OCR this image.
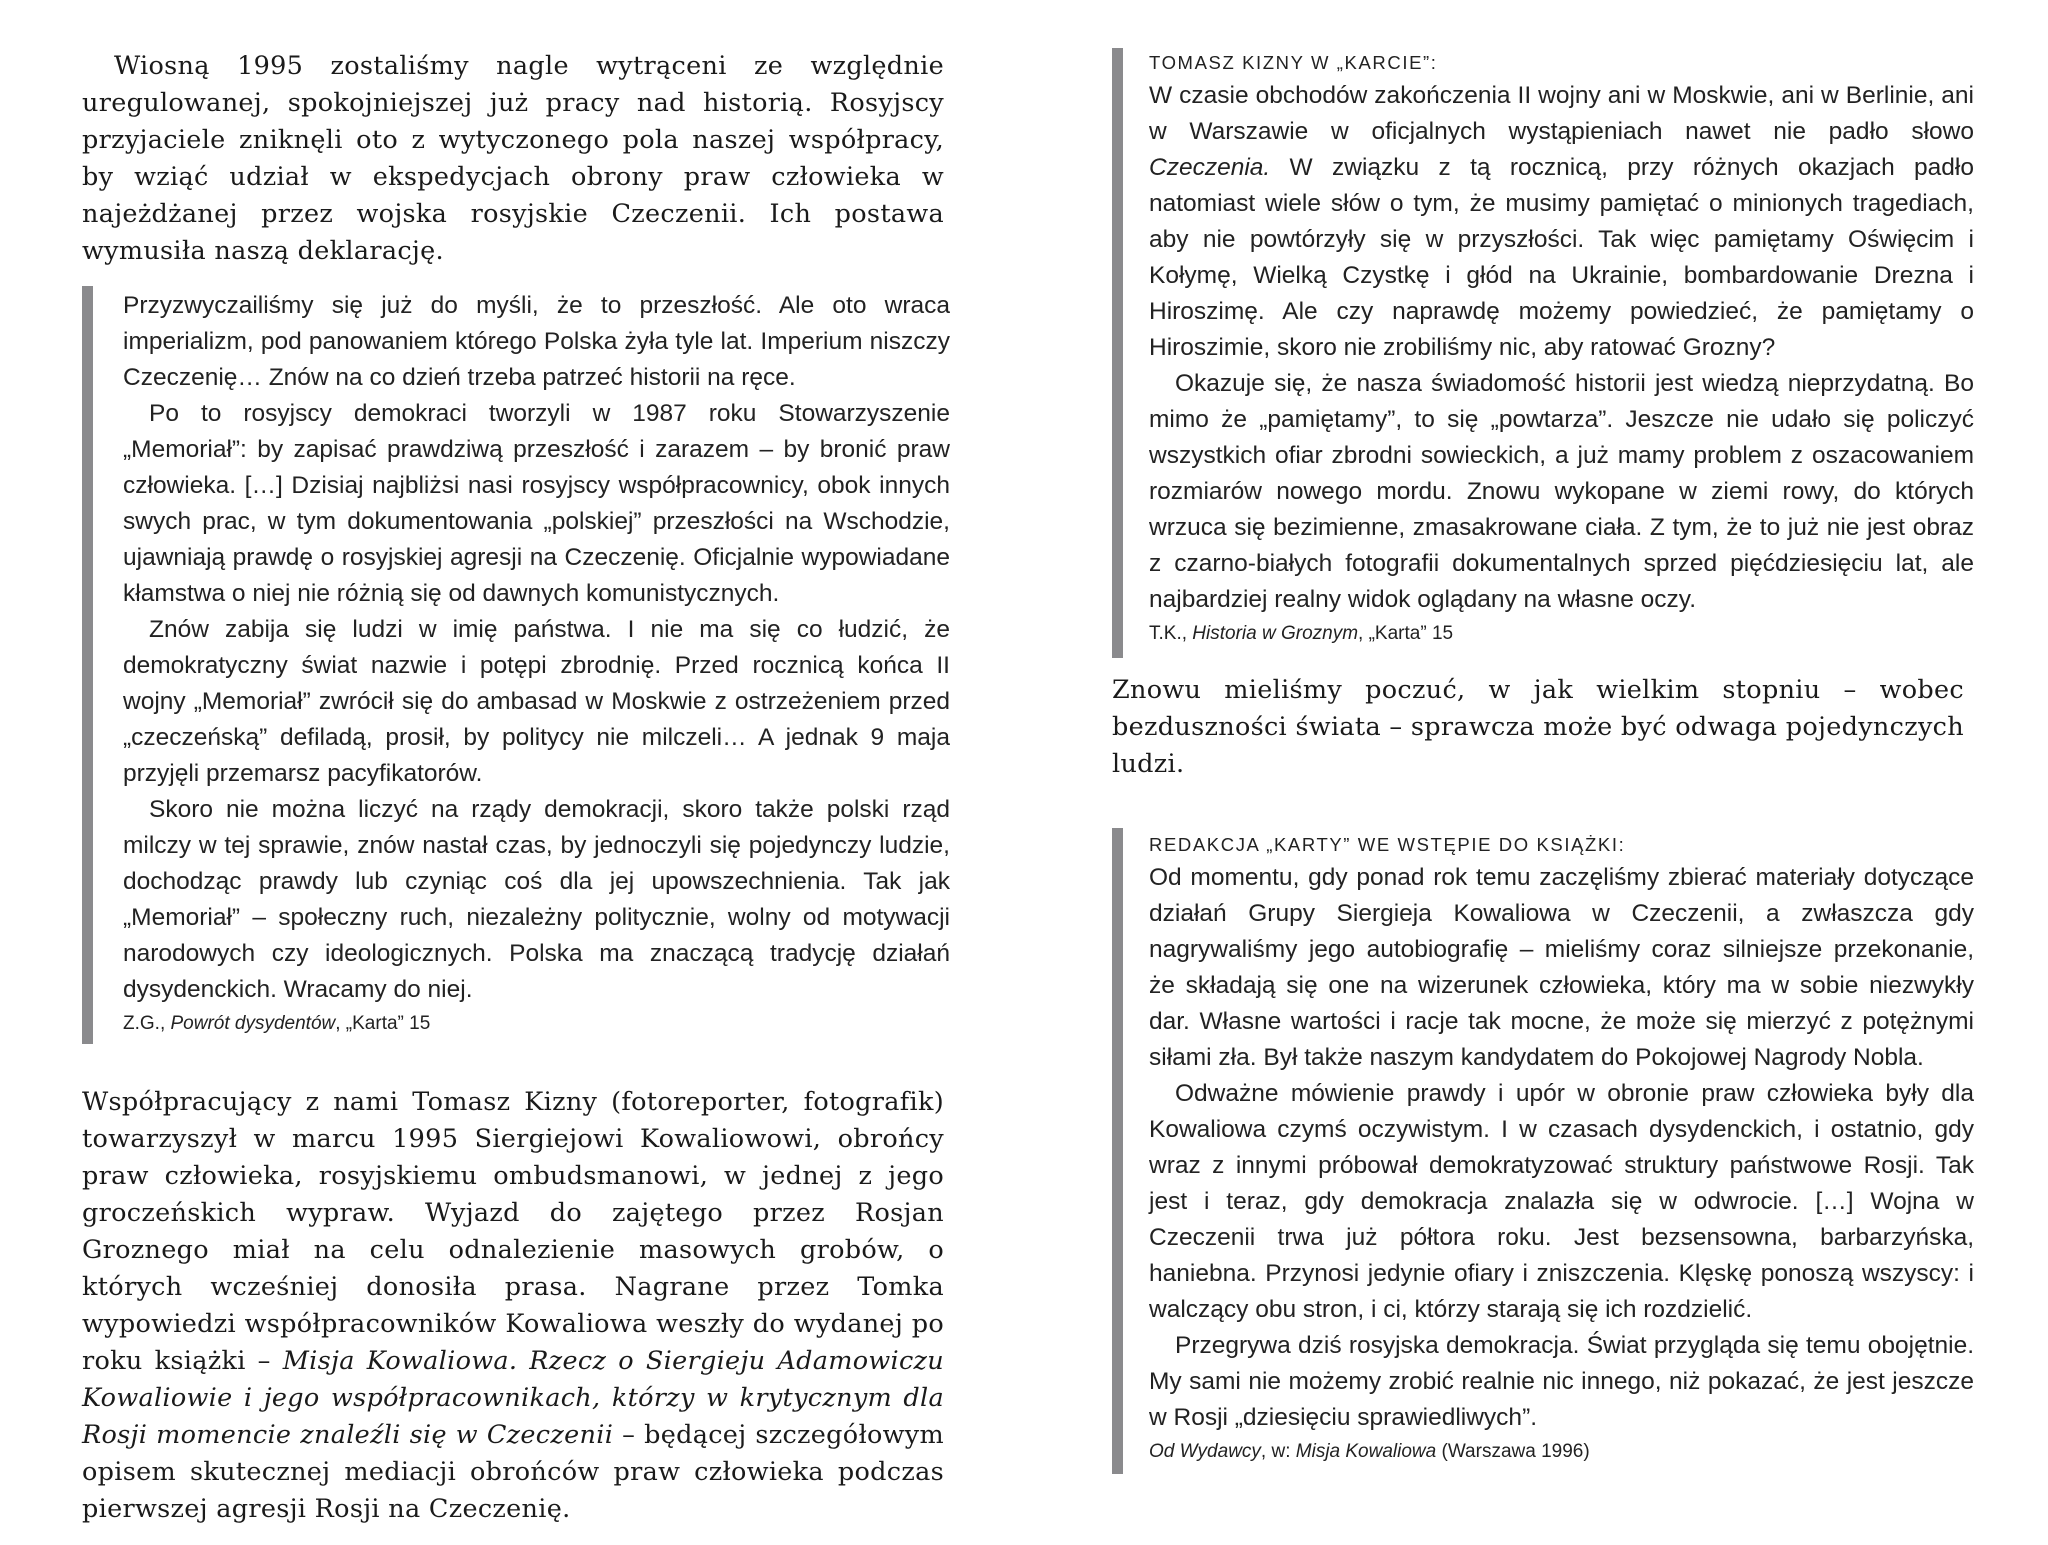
Wiosną 1995 zostaliśmy nagle wytrąceni ze względnie uregulowanej, spokojniejszej już pracy nad historią. Rosyjscy przyjaciele zniknęli oto z wytyczonego pola naszej współpracy, by wziąć udział w ekspedycjach obrony praw człowieka w najeżdżanej przez wojska rosyjskie Czeczenii. Ich postawa wymusiła naszą deklarację.

Przyzwyczailiśmy się już do myśli, że to przeszłość. Ale oto wraca imperializm, pod panowaniem którego Polska żyła tyle lat. Imperium niszczy Czeczenię… Znów na co dzień trzeba patrzeć historii na ręce.

Po to rosyjscy demokraci tworzyli w 1987 roku Stowarzyszenie „Memoriał”: by zapisać prawdziwą przeszłość i zarazem – by bronić praw człowieka. […] Dzisiaj najbliżsi nasi rosyjscy współpracownicy, obok innych swych prac, w tym dokumentowania „polskiej” przeszłości na Wschodzie, ujawniają prawdę o rosyjskiej agresji na Czeczenię. Oficjalnie wypowiadane kłamstwa o niej nie różnią się od dawnych komunistycznych.

Znów zabija się ludzi w imię państwa. I nie ma się co łudzić, że demokratyczny świat nazwie i potępi zbrodnię. Przed rocznicą końca II wojny „Memoriał” zwrócił się do ambasad w Moskwie z ostrzeżeniem przed „czeczeńską” defiladą, prosił, by politycy nie milczeli… A jednak 9 maja przyjęli przemarsz pacyfikatorów.

Skoro nie można liczyć na rządy demokracji, skoro także polski rząd milczy w tej sprawie, znów nastał czas, by jednoczyli się pojedynczy ludzie, dochodząc prawdy lub czyniąc coś dla jej upowszechnienia. Tak jak „Memoriał” – społeczny ruch, niezależny politycznie, wolny od motywacji narodowych czy ideologicznych. Polska ma znaczącą tradycję działań dysydenckich. Wracamy do niej.

Z.G., Powrót dysydentów, „Karta” 15

Współpracujący z nami Tomasz Kizny (fotoreporter, fotografik) towarzyszył w marcu 1995 Siergiejowi Kowaliowowi, obrońcy praw człowieka, rosyjskiemu ombudsmanowi, w jednej z jego groczeńskich wypraw. Wyjazd do zajętego przez Rosjan Groznego miał na celu odnalezienie masowych grobów, o których wcześniej donosiła prasa. Nagrane przez Tomka wypowiedzi współpracowników Kowaliowa weszły do wydanej po roku książki – Misja Kowaliowa. Rzecz o Siergieju Adamowiczu Kowaliowie i jego współpracownikach, którzy w krytycznym dla Rosji momencie znaleźli się w Czeczenii – będącej szczegółowym opisem skutecznej mediacji obrońców praw człowieka podczas pierwszej agresji Rosji na Czeczenię.

TOMASZ KIZNY W „KARCIE”:

W czasie obchodów zakończenia II wojny ani w Moskwie, ani w Berlinie, ani w Warszawie w oficjalnych wystąpieniach nawet nie padło słowo Czeczenia. W związku z tą rocznicą, przy różnych okazjach padło natomiast wiele słów o tym, że musimy pamiętać o minionych tragediach, aby nie powtórzyły się w przyszłości. Tak więc pamiętamy Oświęcim i Kołymę, Wielką Czystkę i głód na Ukrainie, bombardowanie Drezna i Hiroszimę. Ale czy naprawdę możemy powiedzieć, że pamiętamy o Hiroszimie, skoro nie zrobiliśmy nic, aby ratować Grozny?

Okazuje się, że nasza świadomość historii jest wiedzą nieprzydatną. Bo mimo że „pamiętamy”, to się „powtarza”. Jeszcze nie udało się policzyć wszystkich ofiar zbrodni sowieckich, a już mamy problem z oszacowaniem rozmiarów nowego mordu. Znowu wykopane w ziemi rowy, do których wrzuca się bezimienne, zmasakrowane ciała. Z tym, że to już nie jest obraz z czarno-białych fotografii dokumentalnych sprzed pięćdziesięciu lat, ale najbardziej realny widok oglądany na własne oczy.

T.K., Historia w Groznym, „Karta” 15

Znowu mieliśmy poczuć, w jak wielkim stopniu – wobec bezduszności świata – sprawcza może być odwaga pojedynczych ludzi.

REDAKCJA „KARTY” WE WSTĘPIE DO KSIĄŻKI:

Od momentu, gdy ponad rok temu zaczęliśmy zbierać materiały dotyczące działań Grupy Siergieja Kowaliowa w Czeczenii, a zwłaszcza gdy nagrywaliśmy jego autobiografię – mieliśmy coraz silniejsze przekonanie, że składają się one na wizerunek człowieka, który ma w sobie niezwykły dar. Własne wartości i racje tak mocne, że może się mierzyć z potężnymi siłami zła. Był także naszym kandydatem do Pokojowej Nagrody Nobla.

Odważne mówienie prawdy i upór w obronie praw człowieka były dla Kowaliowa czymś oczywistym. I w czasach dysydenckich, i ostatnio, gdy wraz z innymi próbował demokratyzować struktury państwowe Rosji. Tak jest i teraz, gdy demokracja znalazła się w odwrocie. […] Wojna w Czeczenii trwa już półtora roku. Jest bezsensowna, barbarzyńska, haniebna. Przynosi jedynie ofiary i zniszczenia. Klęskę ponoszą wszyscy: i walczący obu stron, i ci, którzy starają się ich rozdzielić.

Przegrywa dziś rosyjska demokracja. Świat przygląda się temu obojętnie. My sami nie możemy zrobić realnie nic innego, niż pokazać, że jest jeszcze w Rosji „dziesięciu sprawiedliwych”.

Od Wydawcy, w: Misja Kowaliowa (Warszawa 1996)
